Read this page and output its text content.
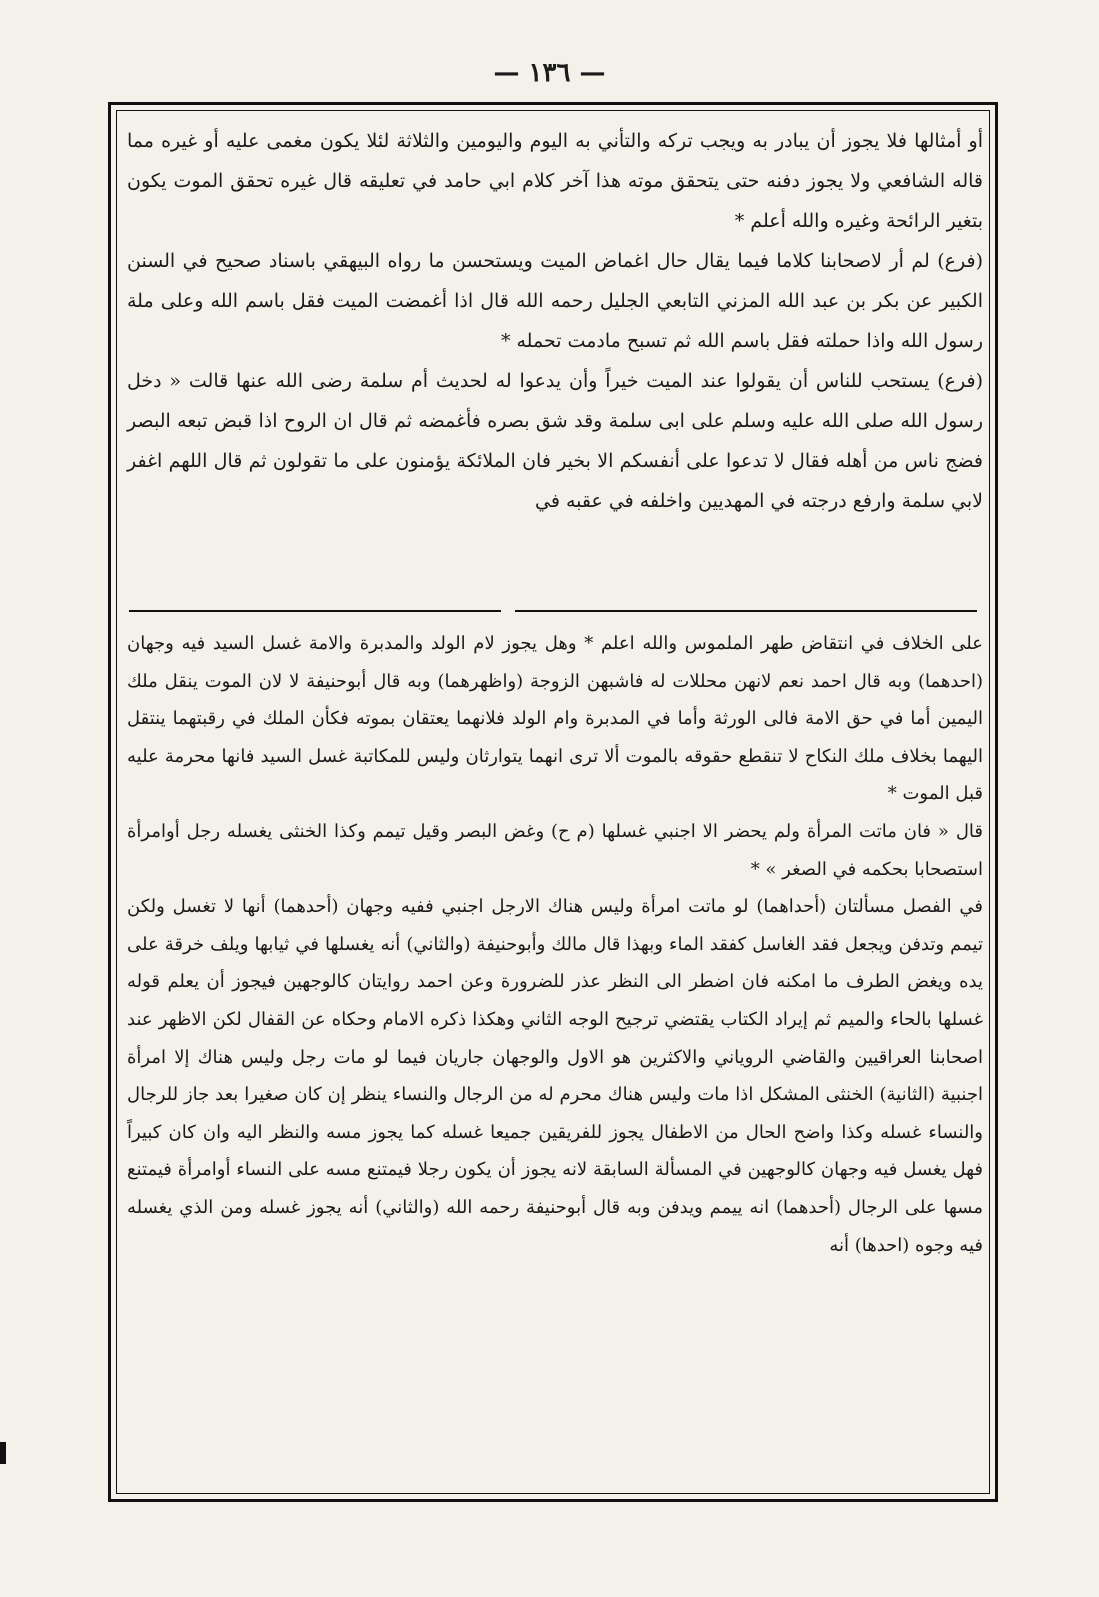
— ١٣٦ —

أو أمثالها فلا يجوز أن يبادر به ويجب تركه والتأني به اليوم واليومين والثلاثة لئلا يكون مغمى عليه أو غيره مما قاله الشافعي ولا يجوز دفنه حتى يتحقق موته هذا آخر كلام ابي حامد في تعليقه قال غيره تحقق الموت يكون بتغير الرائحة وغيره والله أعلم *

(فرع) لم أر لاصحابنا كلاما فيما يقال حال اغماض الميت ويستحسن ما رواه البيهقي باسناد صحيح في السنن الكبير عن بكر بن عبد الله المزني التابعي الجليل رحمه الله قال اذا أغمضت الميت فقل باسم الله وعلى ملة رسول الله واذا حملته فقل باسم الله ثم تسبح مادمت تحمله *

(فرع) يستحب للناس أن يقولوا عند الميت خيراً وأن يدعوا له لحديث أم سلمة رضى الله عنها قالت « دخل رسول الله صلى الله عليه وسلم على ابى سلمة وقد شق بصره فأغمضه ثم قال ان الروح اذا قبض تبعه البصر فضج ناس من أهله فقال لا تدعوا على أنفسكم الا بخير فان الملائكة يؤمنون على ما تقولون ثم قال اللهم اغفر لابي سلمة وارفع درجته في المهديين واخلفه في عقبه في

على الخلاف في انتقاض طهر الملموس والله اعلم * وهل يجوز لام الولد والمدبرة والامة غسل السيد فيه وجهان (احدهما) وبه قال احمد نعم لانهن محللات له فاشبهن الزوجة (واظهرهما) وبه قال أبوحنيفة لا لان الموت ينقل ملك اليمين أما في حق الامة فالى الورثة وأما في المدبرة وام الولد فلانهما يعتقان بموته فكأن الملك في رقبتهما ينتقل اليهما بخلاف ملك النكاح لا تنقطع حقوقه بالموت ألا ترى انهما يتوارثان وليس للمكاتبة غسل السيد فانها محرمة عليه قبل الموت *

قال « فان ماتت المرأة ولم يحضر الا اجنبي غسلها (م ح) وغض البصر وقيل تيمم وكذا الخنثى يغسله رجل أوامرأة استصحابا بحكمه في الصغر » *

في الفصل مسألتان (أحداهما) لو ماتت امرأة وليس هناك الارجل اجنبي ففيه وجهان (أحدهما) أنها لا تغسل ولكن تيمم وتدفن ويجعل فقد الغاسل كفقد الماء وبهذا قال مالك وأبوحنيفة (والثاني) أنه يغسلها في ثيابها ويلف خرقة على يده ويغض الطرف ما امكنه فان اضطر الى النظر عذر للضرورة وعن احمد روايتان كالوجهين فيجوز أن يعلم قوله غسلها بالحاء والميم ثم إيراد الكتاب يقتضي ترجيح الوجه الثاني وهكذا ذكره الامام وحكاه عن القفال لكن الاظهر عند اصحابنا العراقيين والقاضي الروياني والاكثرين هو الاول والوجهان جاريان فيما لو مات رجل وليس هناك إلا امرأة اجنبية (الثانية) الخنثى المشكل اذا مات وليس هناك محرم له من الرجال والنساء ينظر إن كان صغيرا بعد جاز للرجال والنساء غسله وكذا واضح الحال من الاطفال يجوز للفريقين جميعا غسله كما يجوز مسه والنظر اليه وان كان كبيراً فهل يغسل فيه وجهان كالوجهين في المسألة السابقة لانه يجوز أن يكون رجلا فيمتنع مسه على النساء أوامرأة فيمتنع مسها على الرجال (أحدهما) انه ييمم ويدفن وبه قال أبوحنيفة رحمه الله (والثاني) أنه يجوز غسله ومن الذي يغسله فيه وجوه (احدها) أنه
